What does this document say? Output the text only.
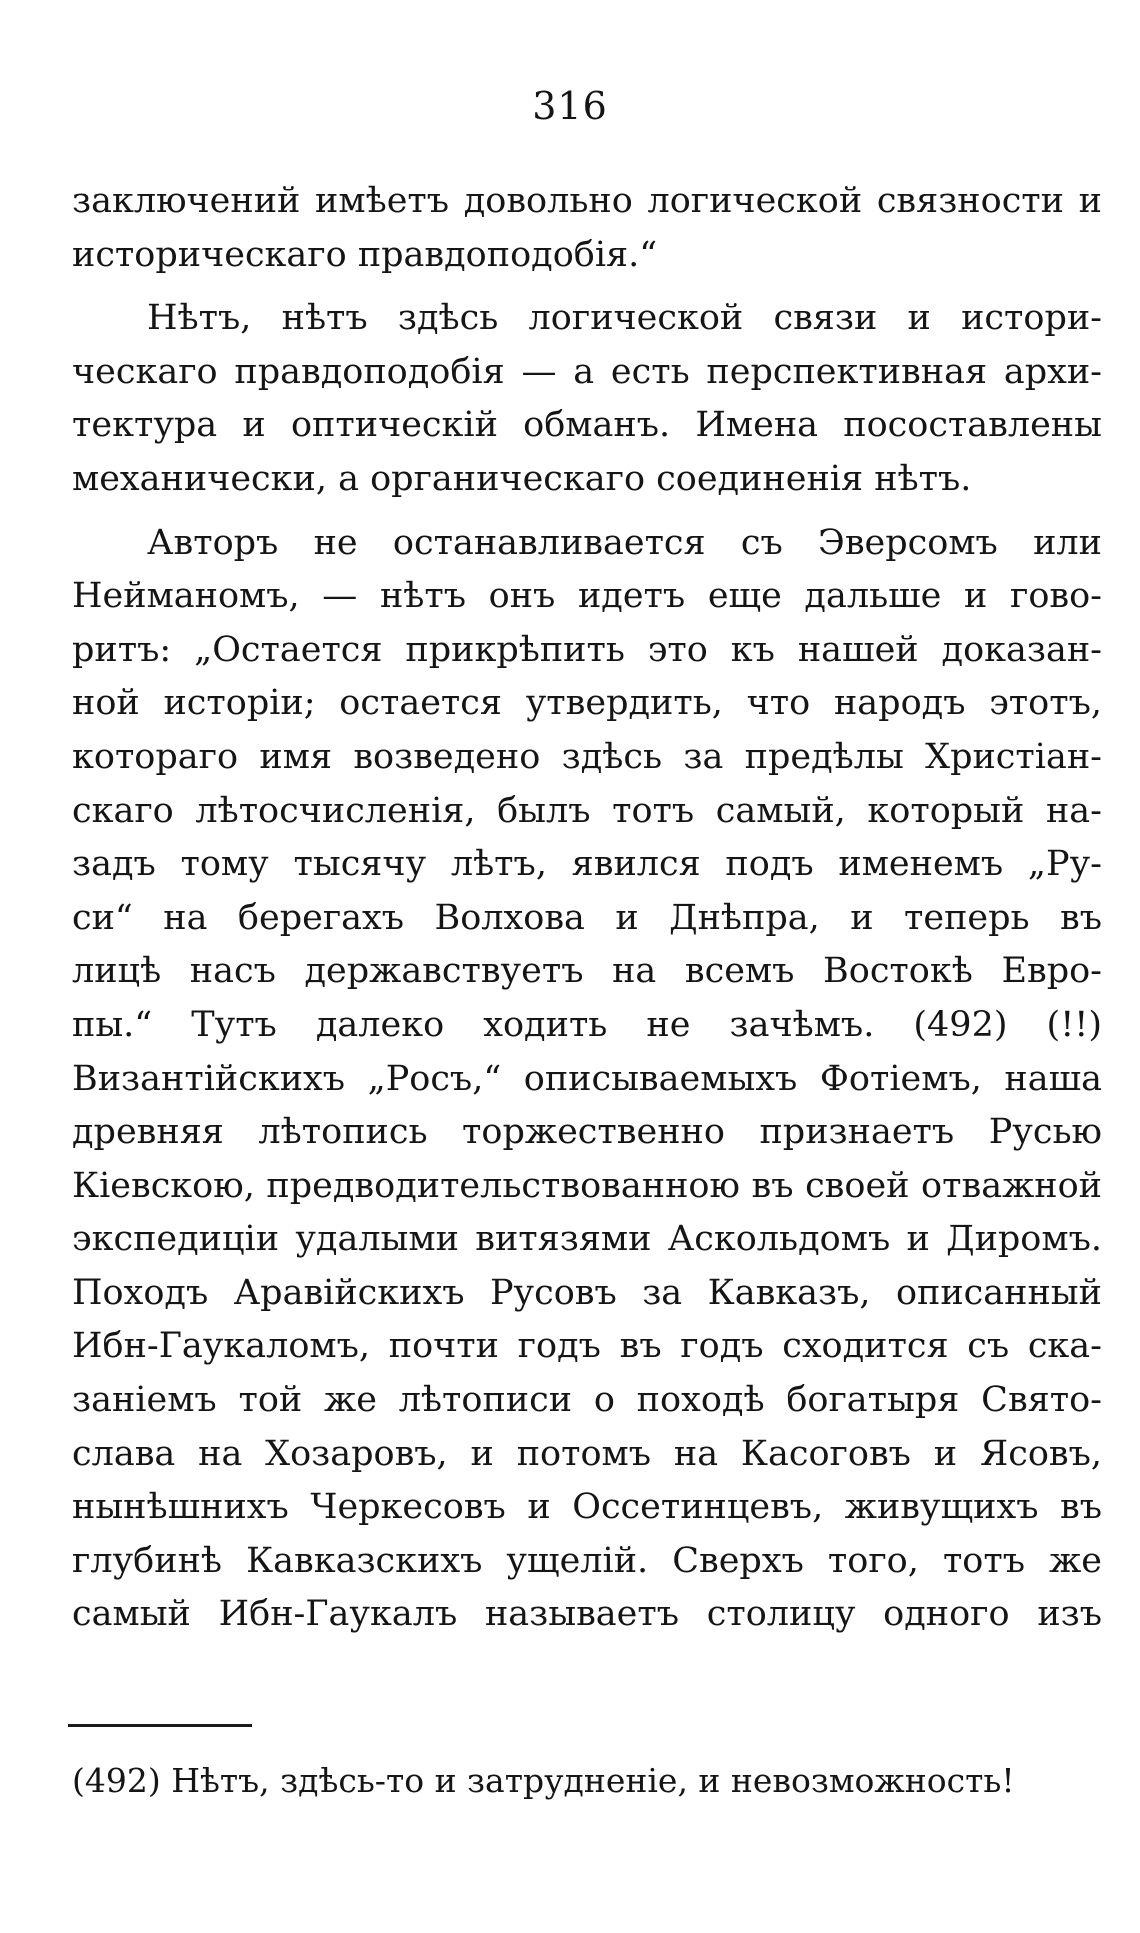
316

заключений имѣетъ довольно логической связности и
историческаго правдоподобія.“

Нѣтъ, нѣтъ здѣсь логической связи и истори-
ческаго правдоподобія — а есть перспективная архи-
тектура и оптическій обманъ. Имена посоставлены
механически, а органическаго соединенія нѣтъ.

Авторъ не останавливается съ Эверсомъ или
Нейманомъ, — нѣтъ онъ идетъ еще дальше и гово-
ритъ: „Остается прикрѣпить это къ нашей доказан-
ной исторіи; остается утвердить, что народъ этотъ,
котораго имя возведено здѣсь за предѣлы Христіан-
скаго лѣтосчисленія, былъ тотъ самый, который на-
задъ тому тысячу лѣтъ, явился подъ именемъ „Ру-
си“ на берегахъ Волхова и Днѣпра, и теперь въ
лицѣ насъ державствуетъ на всемъ Востокѣ Евро-
пы.“ Тутъ далеко ходить не зачѣмъ. (492) (!!)
Византійскихъ „Росъ,“ описываемыхъ Фотіемъ, наша
древняя лѣтопись торжественно признаетъ Русью
Кіевскою, предводительствованною въ своей отважной
экспедиціи удалыми витязями Аскольдомъ и Диромъ.
Походъ Аравійскихъ Русовъ за Кавказъ, описанный
Ибн-Гаукаломъ, почти годъ въ годъ сходится съ ска-
заніемъ той же лѣтописи о походѣ богатыря Свято-
слава на Хозаровъ, и потомъ на Касоговъ и Ясовъ,
нынѣшнихъ Черкесовъ и Оссетинцевъ, живущихъ въ
глубинѣ Кавказскихъ ущелій. Сверхъ того, тотъ же
самый Ибн-Гаукалъ называетъ столицу одного изъ

(492) Нѣтъ, здѣсь-то и затрудненіе, и невозможность!
